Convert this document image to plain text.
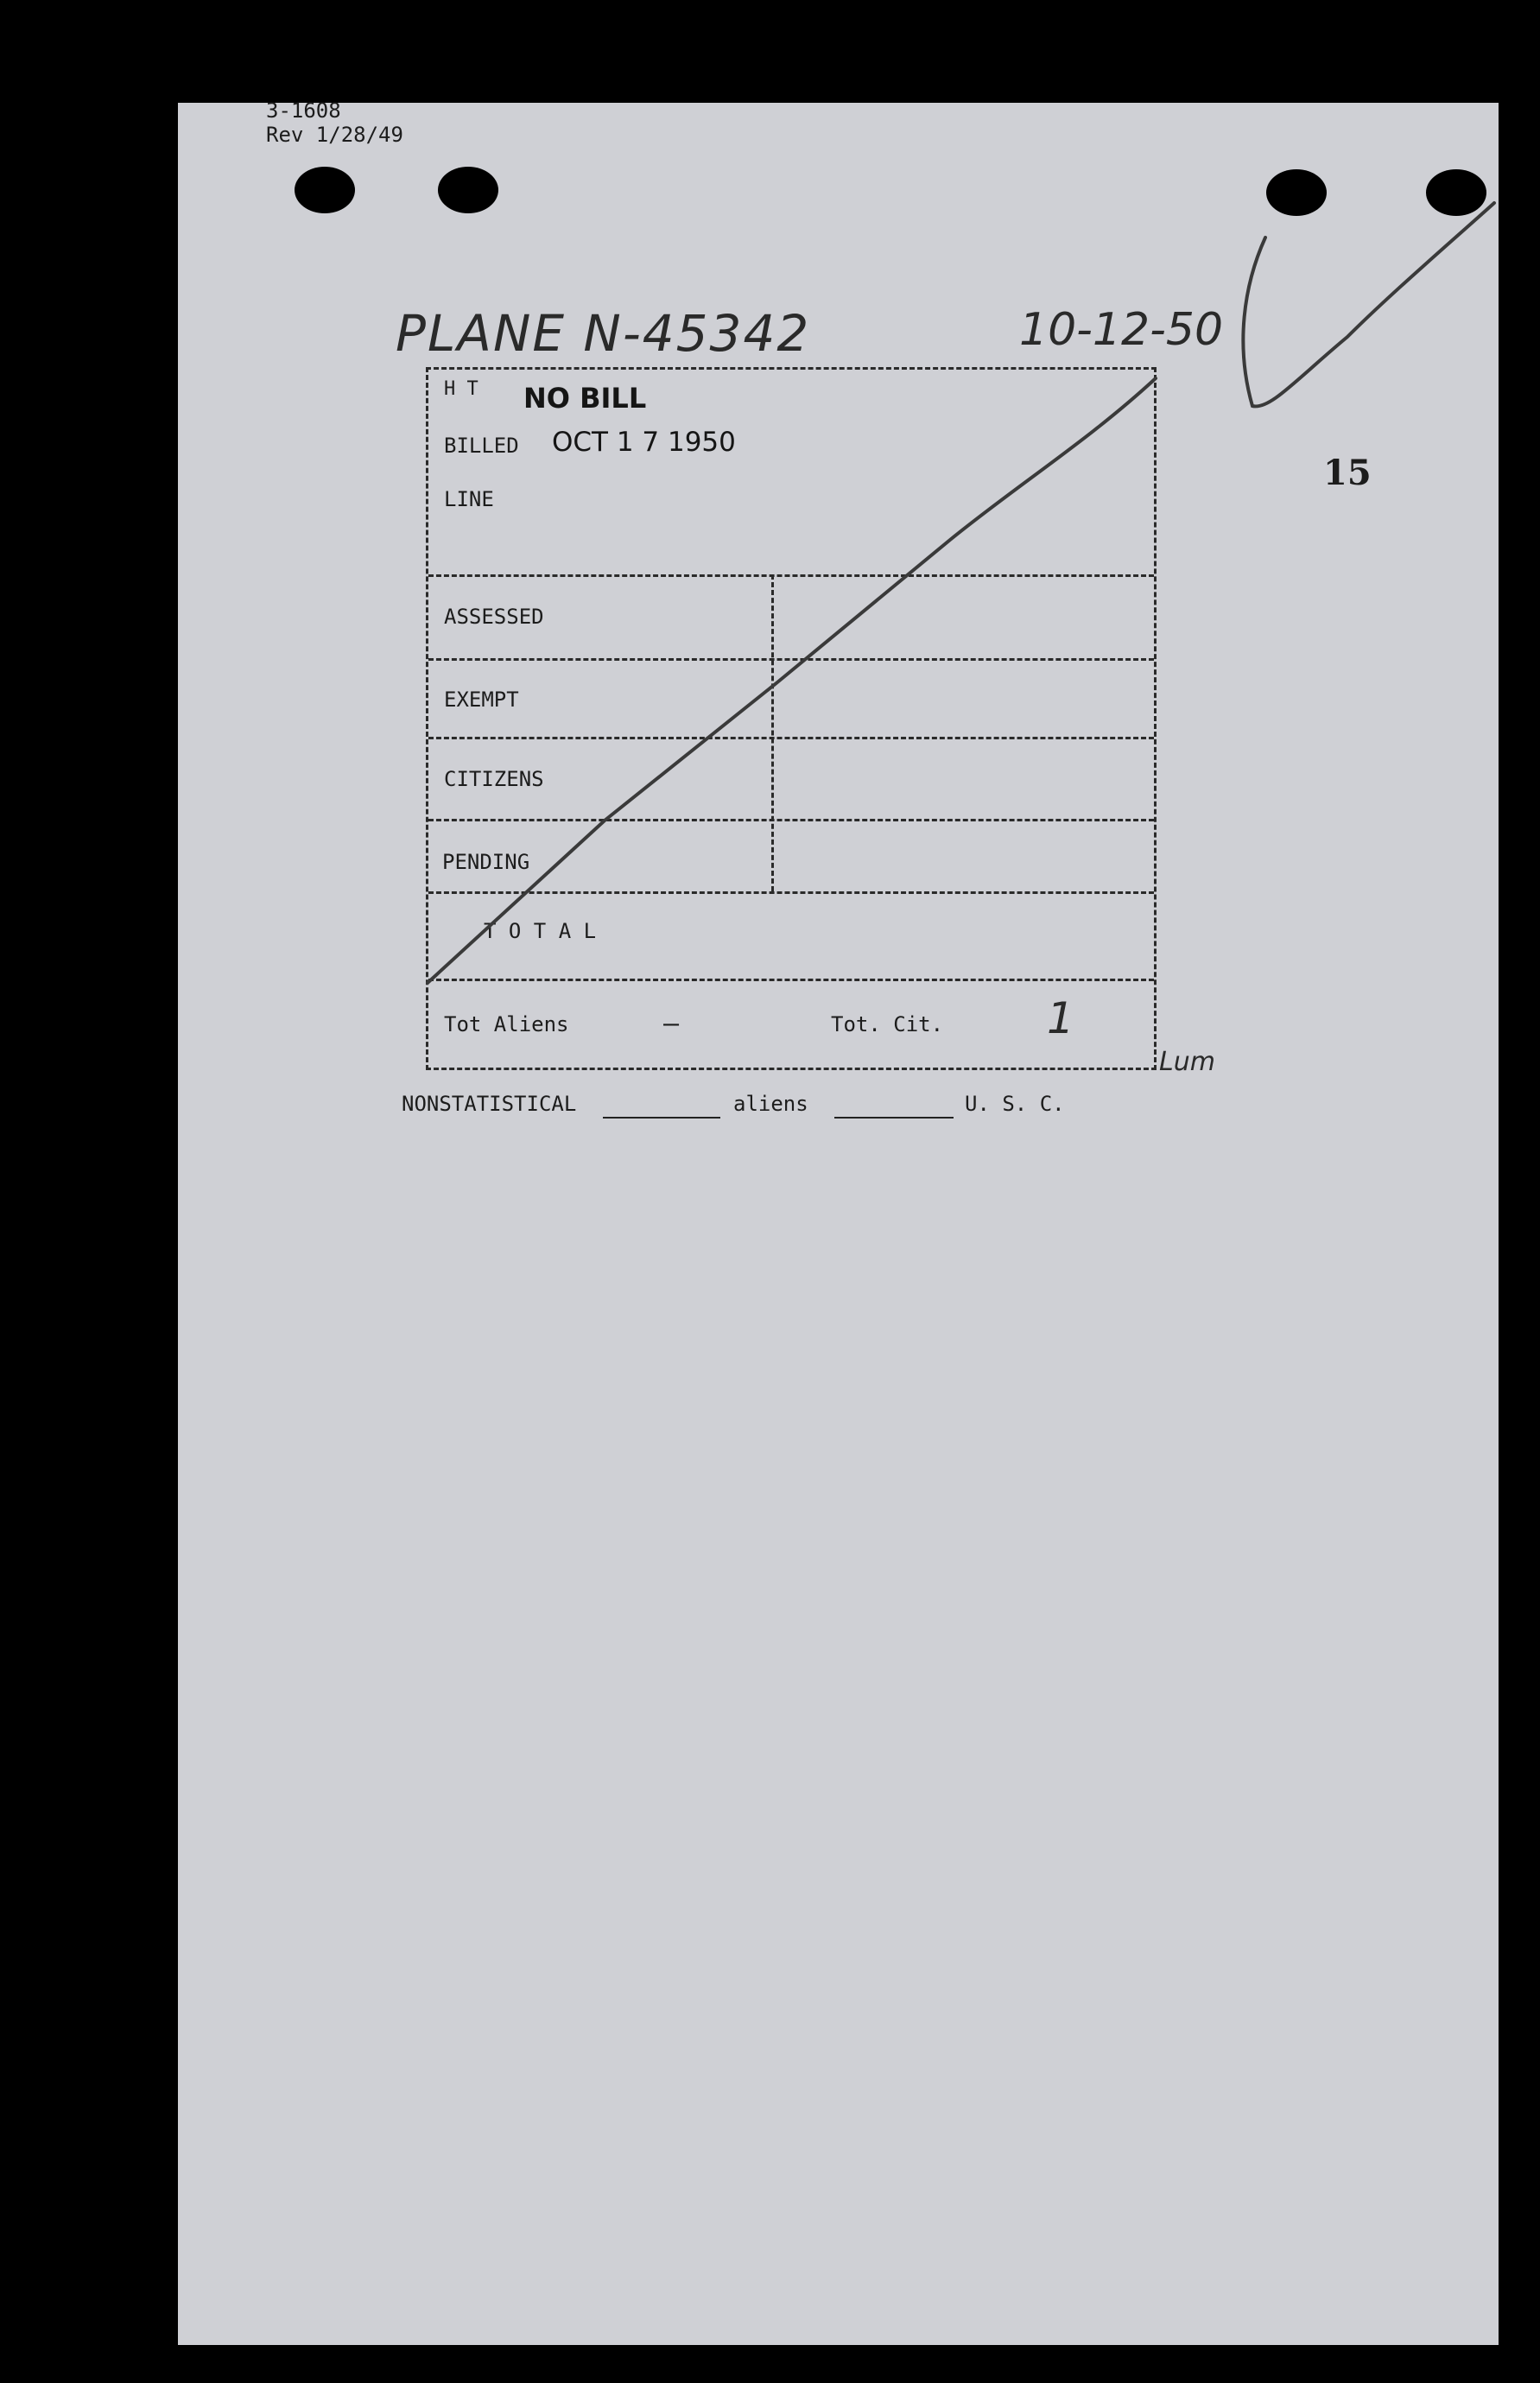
3-1608
Rev 1/28/49
PLANE N-45342	10-12-50
15
H T NO BILL
BILLED OCT 1 7 1950
LINE
ASSESSED
EXEMPT
CITIZENS
PENDING
T O T A L
Tot Aliens	—	Tot. Cit. 1
Lum
NONSTATISTICAL	aliens	U. S. C.
